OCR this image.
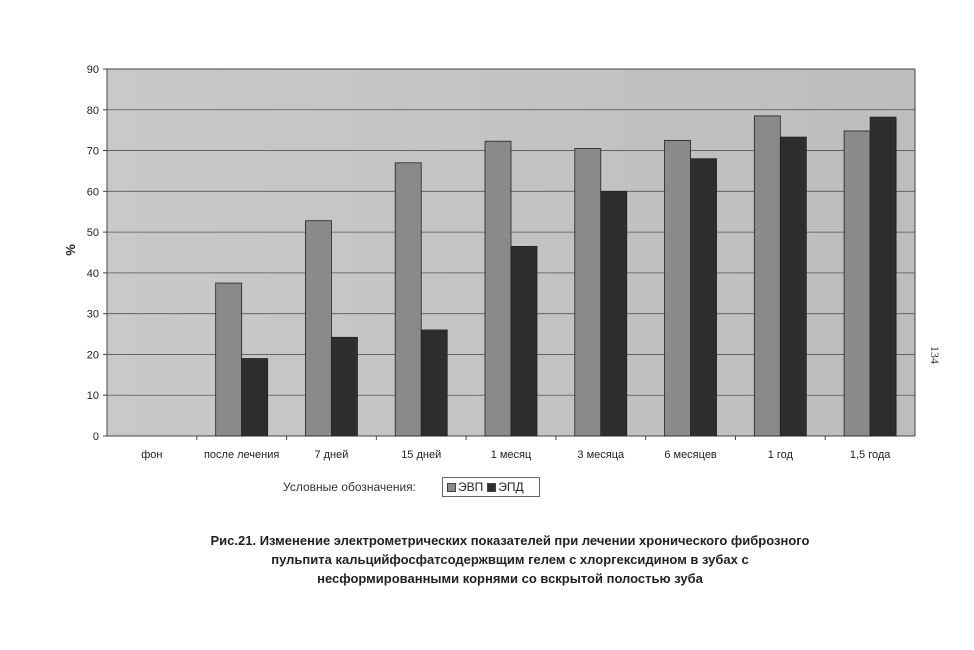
0
10
20
30
40
50
60
70
80
90
фон	после лечения	7 дней	15 дней	1 месяц	3 месяца	6 месяцев	1 год	1,5 года
%
Условные обозначения:	ЭВП ЭПД
Рис.21. Изменение электрометрических показателей при лечении хронического фиброзного
пульпита кальцийфосфатсодержвщим гелем с хлоргексидином в зубах с
несформированными корнями со вскрытой полостью зуба
134
